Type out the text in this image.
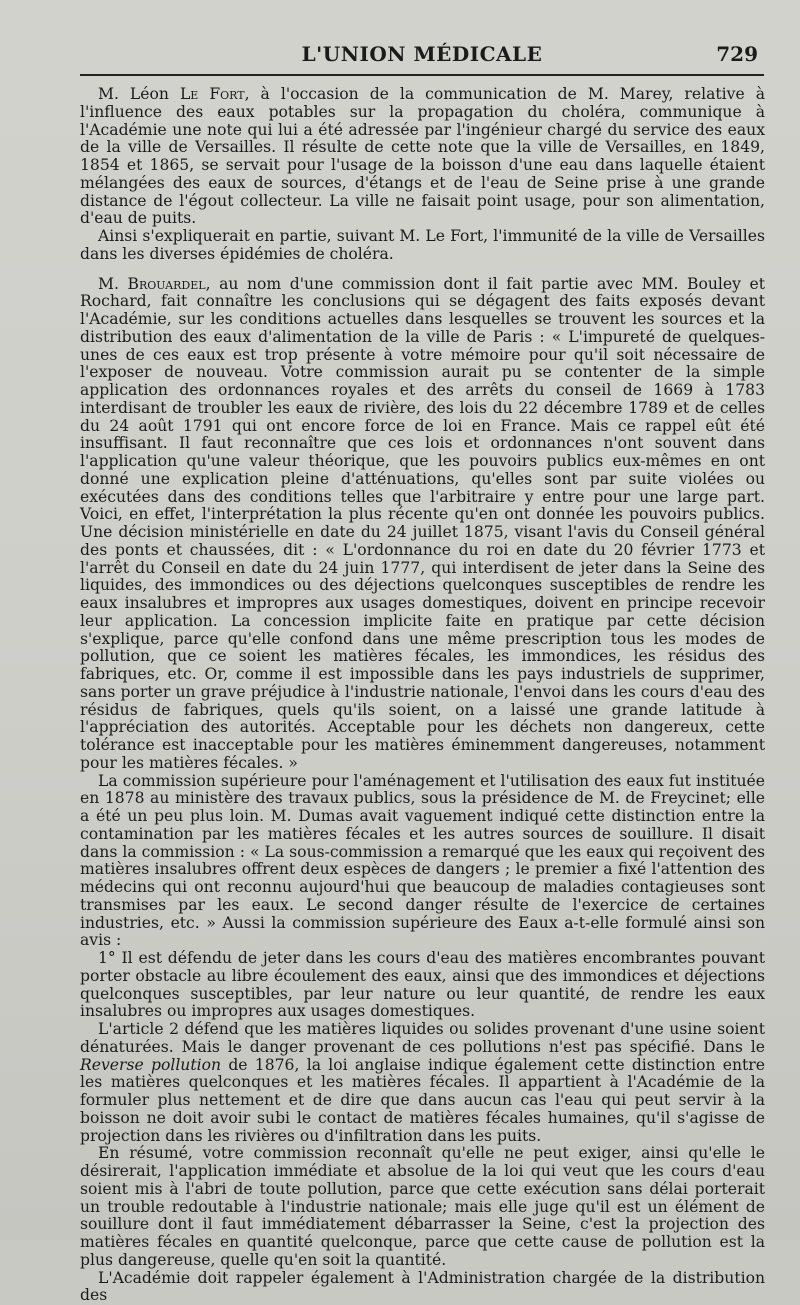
L'UNION MÉDICALE	729

M. Léon Le Fort, à l'occasion de la communication de M. Marey, relative à l'influence des eaux potables sur la propagation du choléra, communique à l'Académie une note qui lui a été adressée par l'ingénieur chargé du service des eaux de la ville de Versailles. Il résulte de cette note que la ville de Versailles, en 1849, 1854 et 1865, se servait pour l'usage de la boisson d'une eau dans laquelle étaient mélangées des eaux de sources, d'étangs et de l'eau de Seine prise à une grande distance de l'égout collecteur. La ville ne faisait point usage, pour son alimentation, d'eau de puits.

Ainsi s'expliquerait en partie, suivant M. Le Fort, l'immunité de la ville de Versailles dans les diverses épidémies de choléra.

M. Brouardel, au nom d'une commission dont il fait partie avec MM. Bouley et Rochard, fait connaître les conclusions qui se dégagent des faits exposés devant l'Académie, sur les conditions actuelles dans lesquelles se trouvent les sources et la distribution des eaux d'alimentation de la ville de Paris : « L'impureté de quelques-unes de ces eaux est trop présente à votre mémoire pour qu'il soit nécessaire de l'exposer de nouveau. Votre commission aurait pu se contenter de la simple application des ordonnances royales et des arrêts du conseil de 1669 à 1783 interdisant de troubler les eaux de rivière, des lois du 22 décembre 1789 et de celles du 24 août 1791 qui ont encore force de loi en France. Mais ce rappel eût été insuffisant. Il faut reconnaître que ces lois et ordonnances n'ont souvent dans l'application qu'une valeur théorique, que les pouvoirs publics eux-mêmes en ont donné une explication pleine d'atténuations, qu'elles sont par suite violées ou exécutées dans des conditions telles que l'arbitraire y entre pour une large part. Voici, en effet, l'interprétation la plus récente qu'en ont donnée les pouvoirs publics. Une décision ministérielle en date du 24 juillet 1875, visant l'avis du Conseil général des ponts et chaussées, dit : « L'ordonnance du roi en date du 20 février 1773 et l'arrêt du Conseil en date du 24 juin 1777, qui interdisent de jeter dans la Seine des liquides, des immondices ou des déjections quelconques susceptibles de rendre les eaux insalubres et impropres aux usages domestiques, doivent en principe recevoir leur application. La concession implicite faite en pratique par cette décision s'explique, parce qu'elle confond dans une même prescription tous les modes de pollution, que ce soient les matières fécales, les immondices, les résidus des fabriques, etc. Or, comme il est impossible dans les pays industriels de supprimer, sans porter un grave préjudice à l'industrie nationale, l'envoi dans les cours d'eau des résidus de fabriques, quels qu'ils soient, on a laissé une grande latitude à l'appréciation des autorités. Acceptable pour les déchets non dangereux, cette tolérance est inacceptable pour les matières éminemment dangereuses, notamment pour les matières fécales. »

La commission supérieure pour l'aménagement et l'utilisation des eaux fut instituée en 1878 au ministère des travaux publics, sous la présidence de M. de Freycinet; elle a été un peu plus loin. M. Dumas avait vaguement indiqué cette distinction entre la contamination par les matières fécales et les autres sources de souillure. Il disait dans la commission : « La sous-commission a remarqué que les eaux qui reçoivent des matières insalubres offrent deux espèces de dangers ; le premier a fixé l'attention des médecins qui ont reconnu aujourd'hui que beaucoup de maladies contagieuses sont transmises par les eaux. Le second danger résulte de l'exercice de certaines industries, etc. » Aussi la commission supérieure des Eaux a-t-elle formulé ainsi son avis :

1° Il est défendu de jeter dans les cours d'eau des matières encombrantes pouvant porter obstacle au libre écoulement des eaux, ainsi que des immondices et déjections quelconques susceptibles, par leur nature ou leur quantité, de rendre les eaux insalubres ou impropres aux usages domestiques.

L'article 2 défend que les matières liquides ou solides provenant d'une usine soient dénaturées. Mais le danger provenant de ces pollutions n'est pas spécifié. Dans le Reverse pollution de 1876, la loi anglaise indique également cette distinction entre les matières quelconques et les matières fécales. Il appartient à l'Académie de la formuler plus nettement et de dire que dans aucun cas l'eau qui peut servir à la boisson ne doit avoir subi le contact de matières fécales humaines, qu'il s'agisse de projection dans les rivières ou d'infiltration dans les puits.

En résumé, votre commission reconnaît qu'elle ne peut exiger, ainsi qu'elle le désirerait, l'application immédiate et absolue de la loi qui veut que les cours d'eau soient mis à l'abri de toute pollution, parce que cette exécution sans délai porterait un trouble redoutable à l'industrie nationale; mais elle juge qu'il est un élément de souillure dont il faut immédiatement débarrasser la Seine, c'est la projection des matières fécales en quantité quelconque, parce que cette cause de pollution est la plus dangereuse, quelle qu'en soit la quantité.

L'Académie doit rappeler également à l'Administration chargée de la distribution des
